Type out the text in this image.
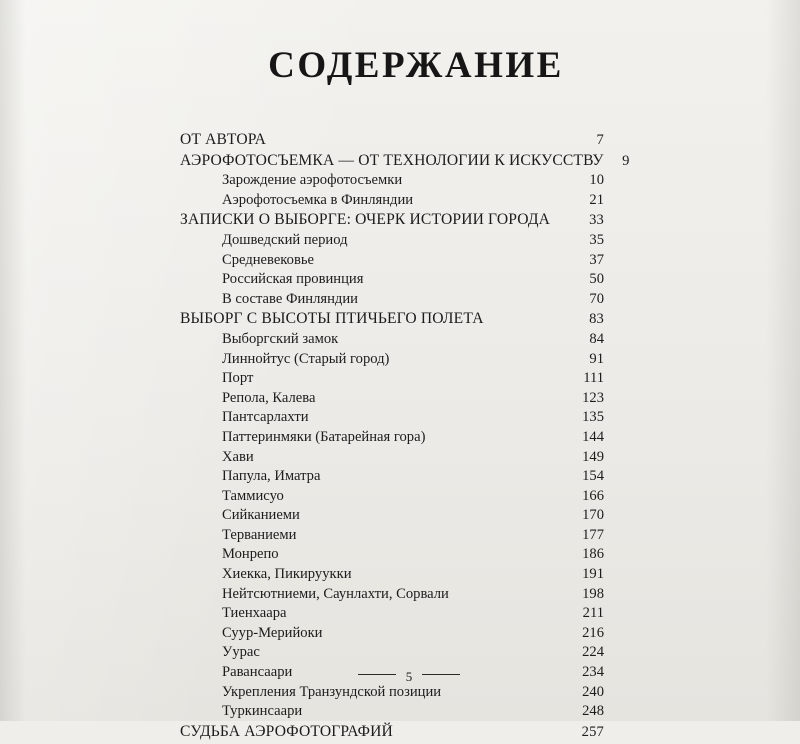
СОДЕРЖАНИЕ
ОТ АВТОРА	7
АЭРОФОТОСЪЕМКА — ОТ ТЕХНОЛОГИИ К ИСКУССТВУ	9
Зарождение аэрофотосъемки	10
Аэрофотосъемка в Финляндии	21
ЗАПИСКИ О ВЫБОРГЕ: ОЧЕРК ИСТОРИИ ГОРОДА	33
Дошведский период	35
Средневековье	37
Российская провинция	50
В составе Финляндии	70
ВЫБОРГ С ВЫСОТЫ ПТИЧЬЕГО ПОЛЕТА	83
Выборгский замок	84
Линнойтус (Старый город)	91
Порт	111
Репола, Калева	123
Пантсарлахти	135
Паттеринмяки (Батарейная гора)	144
Хави	149
Папула, Иматра	154
Таммисуо	166
Сийканиеми	170
Терваниеми	177
Монрепо	186
Хиекка, Пикируукки	191
Нейтсютниеми, Саунлахти, Сорвали	198
Тиенхаара	211
Суур-Мерийоки	216
Уурас	224
Равансаари	234
Укрепления Транзундской позиции	240
Туркинсаари	248
СУДЬБА АЭРОФОТОГРАФИЙ	257
5
